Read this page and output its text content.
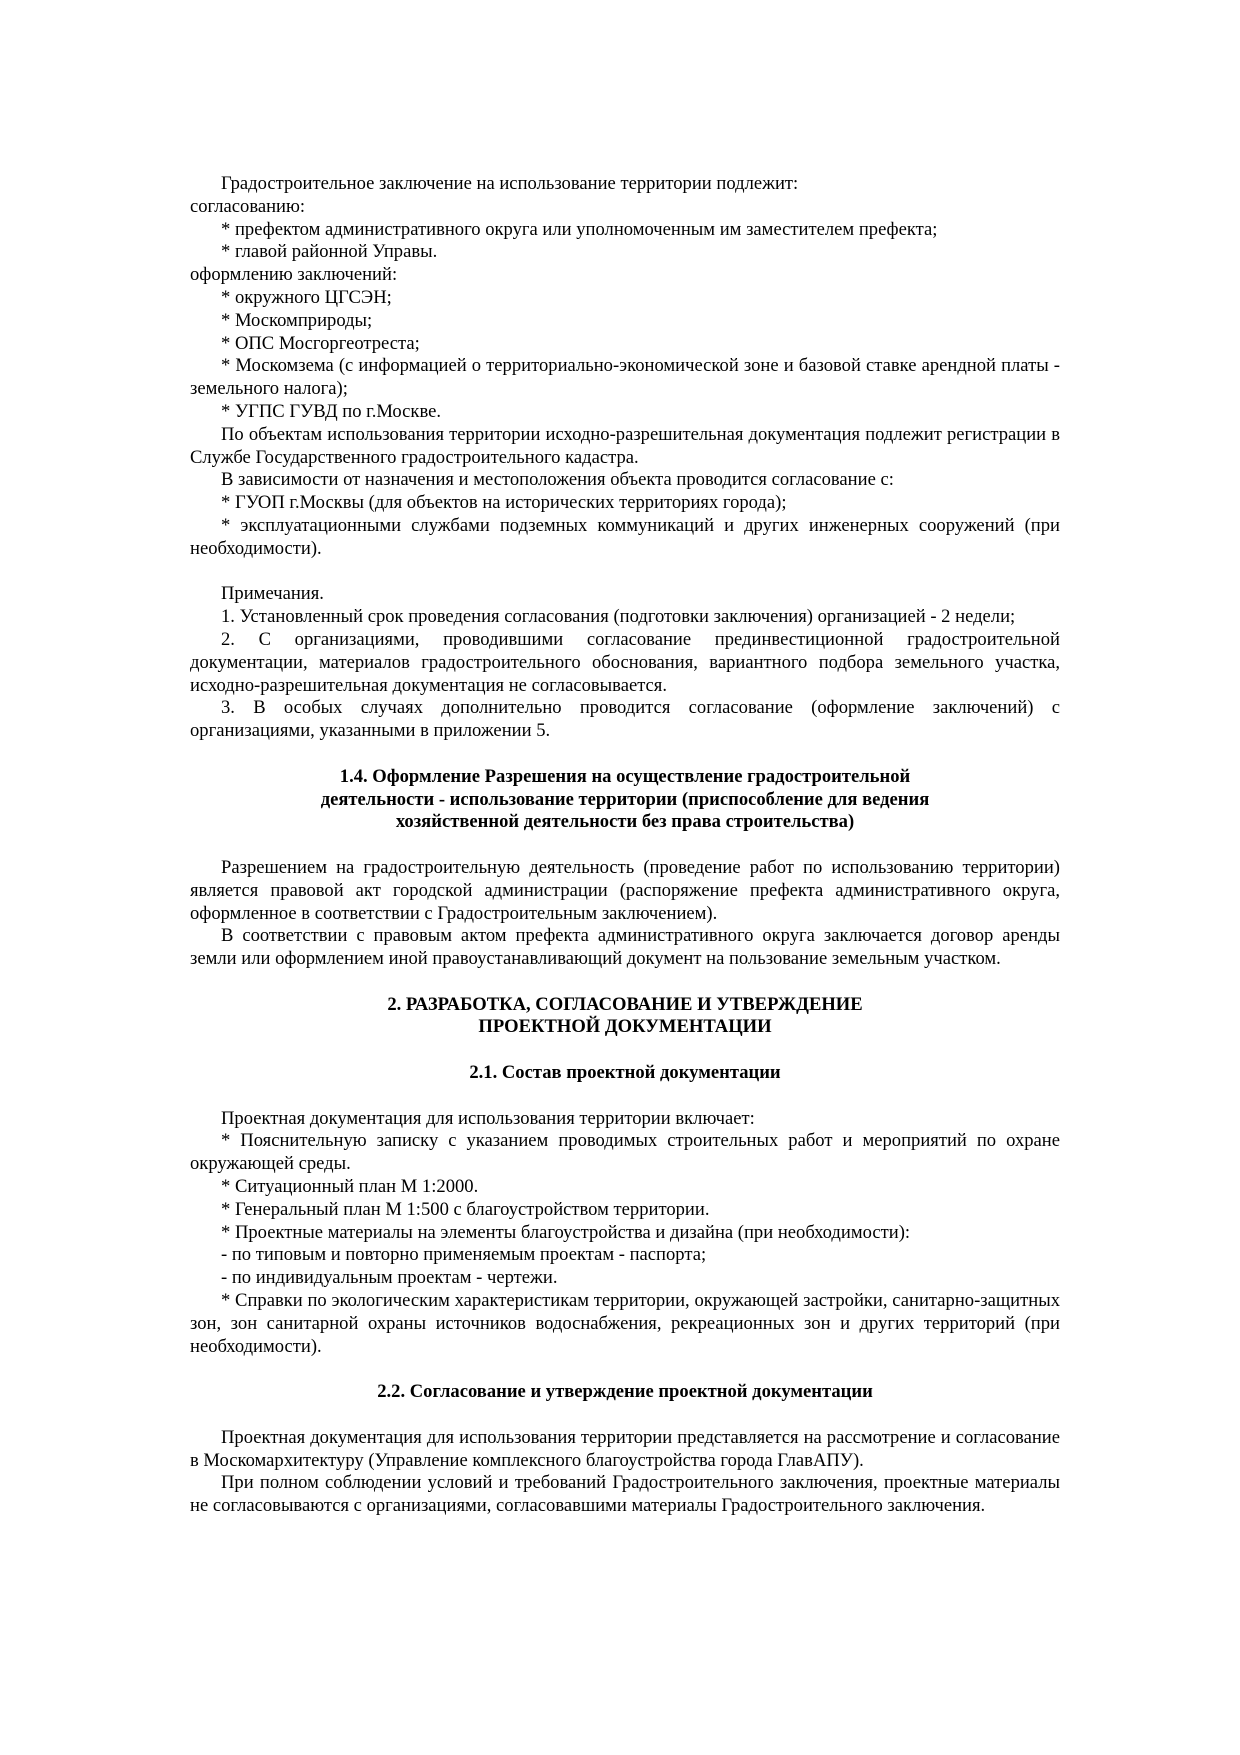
Градостроительное заключение на использование территории подлежит:

согласованию:

* префектом административного округа или уполномоченным им заместителем префекта;

* главой районной Управы.

оформлению заключений:

* окружного ЦГСЭН;

* Москомприроды;

* ОПС Мосгоргеотреста;

* Москомзема (с информацией о территориально-экономической зоне и базовой ставке арендной платы - земельного налога);

* УГПС ГУВД по г.Москве.

По объектам использования территории исходно-разрешительная документация подлежит регистрации в Службе Государственного градостроительного кадастра.

В зависимости от назначения и местоположения объекта проводится согласование с:

* ГУОП г.Москвы (для объектов на исторических территориях города);

* эксплуатационными службами подземных коммуникаций и других инженерных сооружений (при необходимости).

Примечания.

1. Установленный срок проведения согласования (подготовки заключения) организацией - 2 недели;

2. С организациями, проводившими согласование прединвестиционной градостроительной документации, материалов градостроительного обоснования, вариантного подбора земельного участка, исходно-разрешительная документация не согласовывается.

3. В особых случаях дополнительно проводится согласование (оформление заключений) с организациями, указанными в приложении 5.

1.4. Оформление Разрешения на осуществление градостроительной
деятельности - использование территории (приспособление для ведения
хозяйственной деятельности без права строительства)

Разрешением на градостроительную деятельность (проведение работ по использованию территории) является правовой акт городской администрации (распоряжение префекта административного округа, оформленное в соответствии с Градостроительным заключением).

В соответствии с правовым актом префекта административного округа заключается договор аренды земли или оформлением иной правоустанавливающий документ на пользование земельным участком.

2. РАЗРАБОТКА, СОГЛАСОВАНИЕ И УТВЕРЖДЕНИЕ
ПРОЕКТНОЙ ДОКУМЕНТАЦИИ
2.1. Состав проектной документации

Проектная документация для использования территории включает:

* Пояснительную записку с указанием проводимых строительных работ и мероприятий по охране окружающей среды.

* Ситуационный план М 1:2000.

* Генеральный план М 1:500 с благоустройством территории.

* Проектные материалы на элементы благоустройства и дизайна (при необходимости):

- по типовым и повторно применяемым проектам - паспорта;

- по индивидуальным проектам - чертежи.

* Справки по экологическим характеристикам территории, окружающей застройки, санитарно-защитных зон, зон санитарной охраны источников водоснабжения, рекреационных зон и других территорий (при необходимости).

2.2. Согласование и утверждение проектной документации

Проектная документация для использования территории представляется на рассмотрение и согласование в Москомархитектуру (Управление комплексного благоустройства города ГлавАПУ).

При полном соблюдении условий и требований Градостроительного заключения, проектные материалы не согласовываются с организациями, согласовавшими материалы Градостроительного заключения.
